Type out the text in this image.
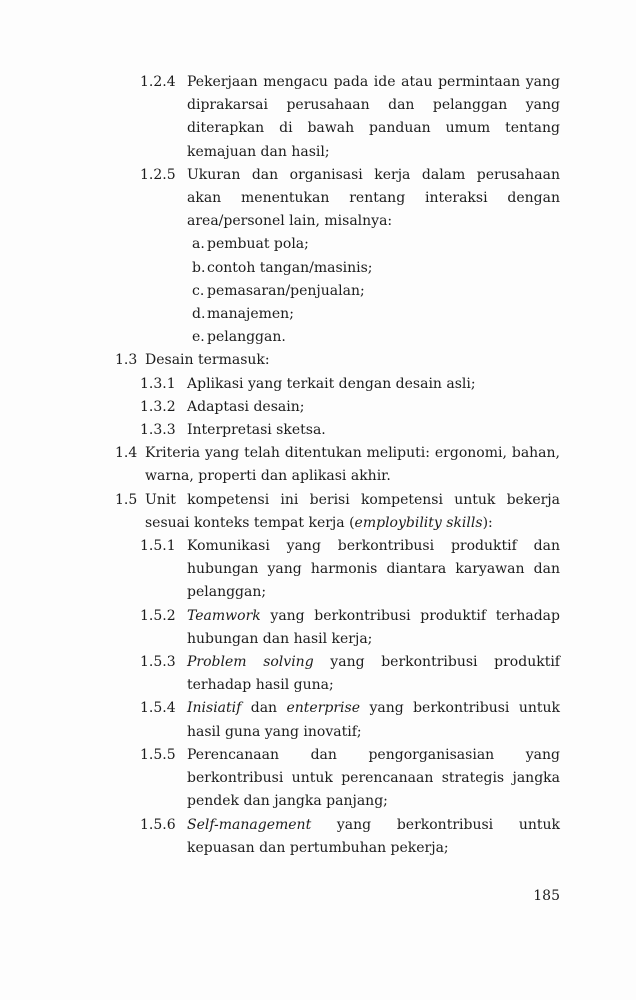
1.2.4 Pekerjaan mengacu pada ide atau permintaan yang diprakarsai perusahaan dan pelanggan yang diterapkan di bawah panduan umum tentang kemajuan dan hasil;
1.2.5 Ukuran dan organisasi kerja dalam perusahaan akan menentukan rentang interaksi dengan area/personel lain, misalnya:
a. pembuat pola;
b. contoh tangan/masinis;
c. pemasaran/penjualan;
d. manajemen;
e. pelanggan.
1.3 Desain termasuk:
1.3.1 Aplikasi yang terkait dengan desain asli;
1.3.2 Adaptasi desain;
1.3.3 Interpretasi sketsa.
1.4 Kriteria yang telah ditentukan meliputi: ergonomi, bahan, warna, properti dan aplikasi akhir.
1.5 Unit kompetensi ini berisi kompetensi untuk bekerja sesuai konteks tempat kerja (employbility skills):
1.5.1 Komunikasi yang berkontribusi produktif dan hubungan yang harmonis diantara karyawan dan pelanggan;
1.5.2 Teamwork yang berkontribusi produktif terhadap hubungan dan hasil kerja;
1.5.3 Problem solving yang berkontribusi produktif terhadap hasil guna;
1.5.4 Inisiatif dan enterprise yang berkontribusi untuk hasil guna yang inovatif;
1.5.5 Perencanaan dan pengorganisasian yang berkontribusi untuk perencanaan strategis jangka pendek dan jangka panjang;
1.5.6 Self-management yang berkontribusi untuk kepuasan dan pertumbuhan pekerja;
185
